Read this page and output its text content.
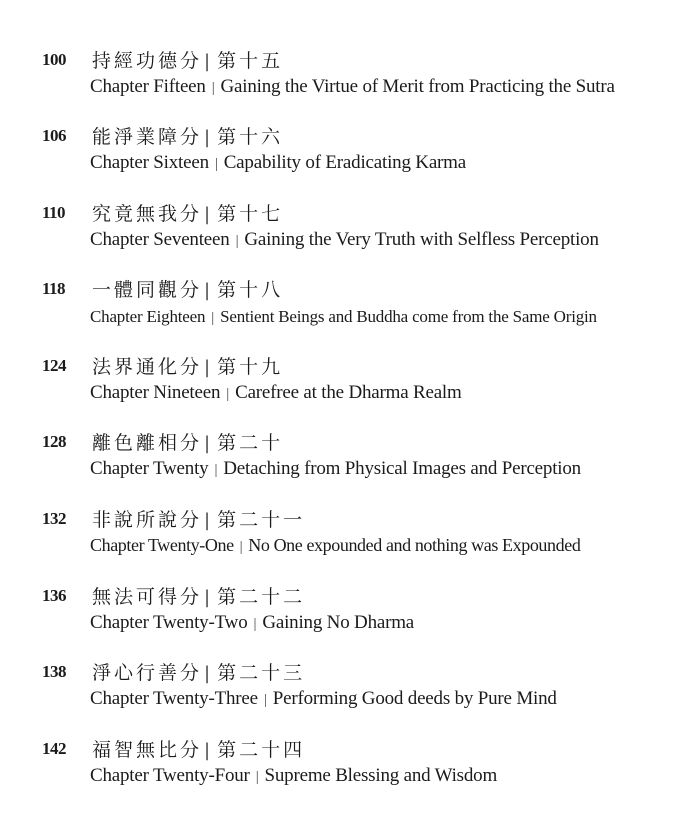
100	持經功德分 | 第十五
Chapter Fifteen | Gaining the Virtue of Merit from Practicing the Sutra
106	能淨業障分 | 第十六
Chapter Sixteen | Capability of Eradicating Karma
110	究竟無我分 | 第十七
Chapter Seventeen | Gaining the Very Truth with Selfless Perception
118	一體同觀分 | 第十八
Chapter Eighteen | Sentient Beings and Buddha come from the Same Origin
124	法界通化分 | 第十九
Chapter Nineteen | Carefree at the Dharma Realm
128	離色離相分 | 第二十
Chapter Twenty | Detaching from Physical Images and Perception
132	非說所說分 | 第二十一
Chapter Twenty-One | No One expounded and nothing was Expounded
136	無法可得分 | 第二十二
Chapter Twenty-Two | Gaining No Dharma
138	淨心行善分 | 第二十三
Chapter Twenty-Three | Performing Good deeds by Pure Mind
142	福智無比分 | 第二十四
Chapter Twenty-Four | Supreme Blessing and Wisdom
